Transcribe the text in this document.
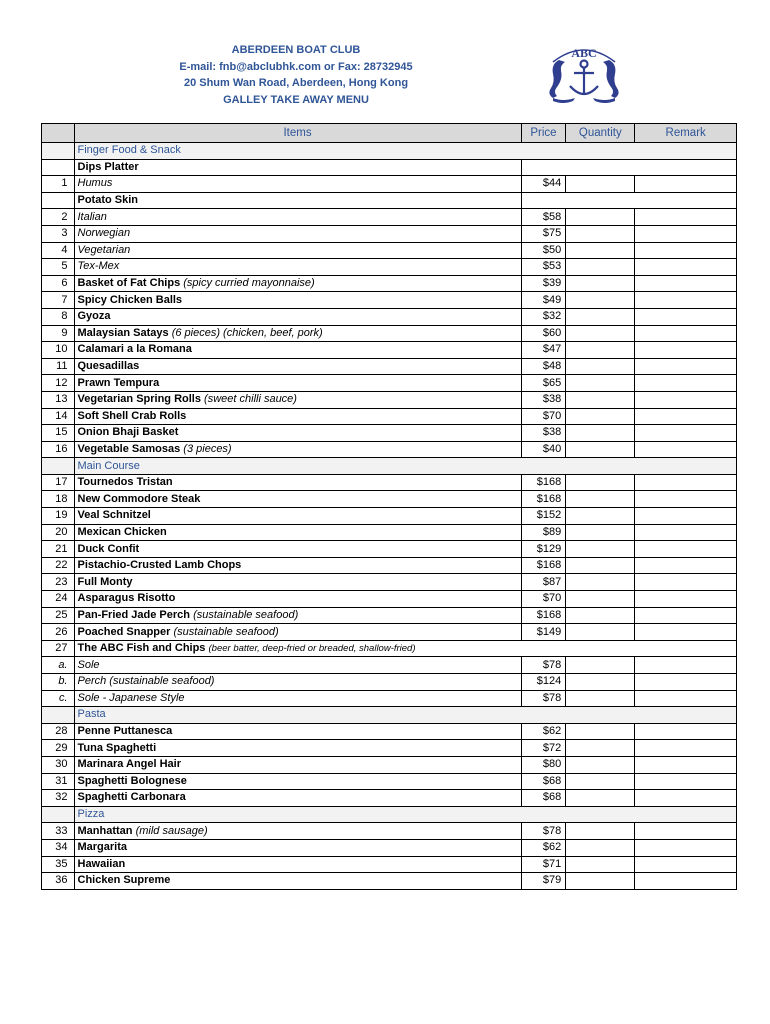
ABERDEEN BOAT CLUB
E-mail: fnb@abclubhk.com or Fax: 28732945
20 Shum Wan Road, Aberdeen, Hong Kong
GALLEY TAKE AWAY MENU
ABC
	Items	Price	Quantity	Remark
	Finger Food & Snack			
	Dips Platter			
1	Humus	$44		
	Potato Skin			
2	Italian	$58		
3	Norwegian	$75		
4	Vegetarian	$50		
5	Tex-Mex	$53		
6	Basket of Fat Chips (spicy curried mayonnaise)	$39		
7	Spicy Chicken Balls	$49		
8	Gyoza	$32		
9	Malaysian Satays (6 pieces) (chicken, beef, pork)	$60		
10	Calamari a la Romana	$47		
11	Quesadillas	$48		
12	Prawn Tempura	$65		
13	Vegetarian Spring Rolls (sweet chilli sauce)	$38		
14	Soft Shell Crab Rolls	$70		
15	Onion Bhaji Basket	$38		
16	Vegetable Samosas (3 pieces)	$40		
	Main Course			
17	Tournedos Tristan	$168		
18	New Commodore Steak	$168		
19	Veal Schnitzel	$152		
20	Mexican Chicken	$89		
21	Duck Confit	$129		
22	Pistachio-Crusted Lamb Chops	$168		
23	Full Monty	$87		
24	Asparagus Risotto	$70		
25	Pan-Fried Jade Perch (sustainable seafood)	$168		
26	Poached Snapper (sustainable seafood)	$149		
27	The ABC Fish and Chips (beer batter, deep-fried or breaded, shallow-fried)			
a.	Sole	$78		
b.	Perch (sustainable seafood)	$124		
c.	Sole - Japanese Style	$78		
	Pasta			
28	Penne Puttanesca	$62		
29	Tuna Spaghetti	$72		
30	Marinara Angel Hair	$80		
31	Spaghetti Bolognese	$68		
32	Spaghetti Carbonara	$68		
	Pizza			
33	Manhattan (mild sausage)	$78		
34	Margarita	$62		
35	Hawaiian	$71		
36	Chicken Supreme	$79		
